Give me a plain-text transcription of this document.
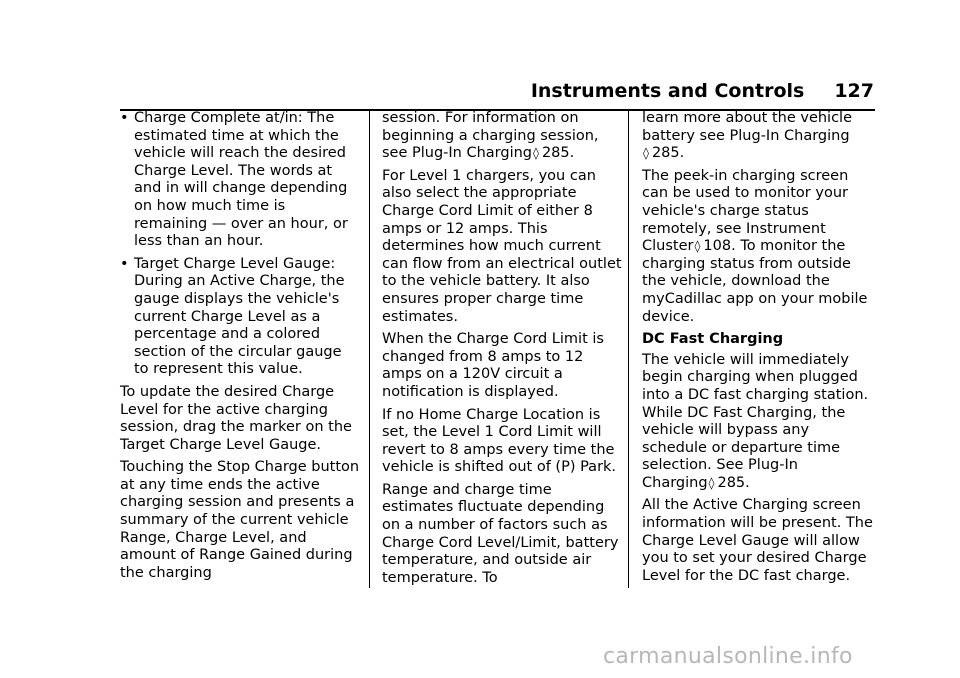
Instruments and Controls 127
• Charge Complete at/in: The estimated time at which the vehicle will reach the desired Charge Level. The words at and in will change depending on how much time is remaining — over an hour, or less than an hour.

• Target Charge Level Gauge: During an Active Charge, the gauge displays the vehicle's current Charge Level as a percentage and a colored section of the circular gauge to represent this value.

To update the desired Charge Level for the active charging session, drag the marker on the Target Charge Level Gauge.

Touching the Stop Charge button at any time ends the active charging session and presents a summary of the current vehicle Range, Charge Level, and amount of Range Gained during the charging

session. For information on beginning a charging session, see Plug-In Charging◊ 285.

For Level 1 chargers, you can also select the appropriate Charge Cord Limit of either 8 amps or 12 amps. This determines how much current can flow from an electrical outlet to the vehicle battery. It also ensures proper charge time estimates.

When the Charge Cord Limit is changed from 8 amps to 12 amps on a 120V circuit a notification is displayed.

If no Home Charge Location is set, the Level 1 Cord Limit will revert to 8 amps every time the vehicle is shifted out of (P) Park.

Range and charge time estimates fluctuate depending on a number of factors such as Charge Cord Level/Limit, battery temperature, and outside air temperature. To

learn more about the vehicle battery see Plug-In Charging
◊ 285.

The peek-in charging screen can be used to monitor your vehicle's charge status remotely, see Instrument Cluster◊ 108. To monitor the charging status from outside the vehicle, download the myCadillac app on your mobile device.

DC Fast Charging

The vehicle will immediately begin charging when plugged into a DC fast charging station. While DC Fast Charging, the vehicle will bypass any schedule or departure time selection. See Plug-In Charging◊ 285.

All the Active Charging screen information will be present. The Charge Level Gauge will allow you to set your desired Charge Level for the DC fast charge.

carmanualsonline.info
